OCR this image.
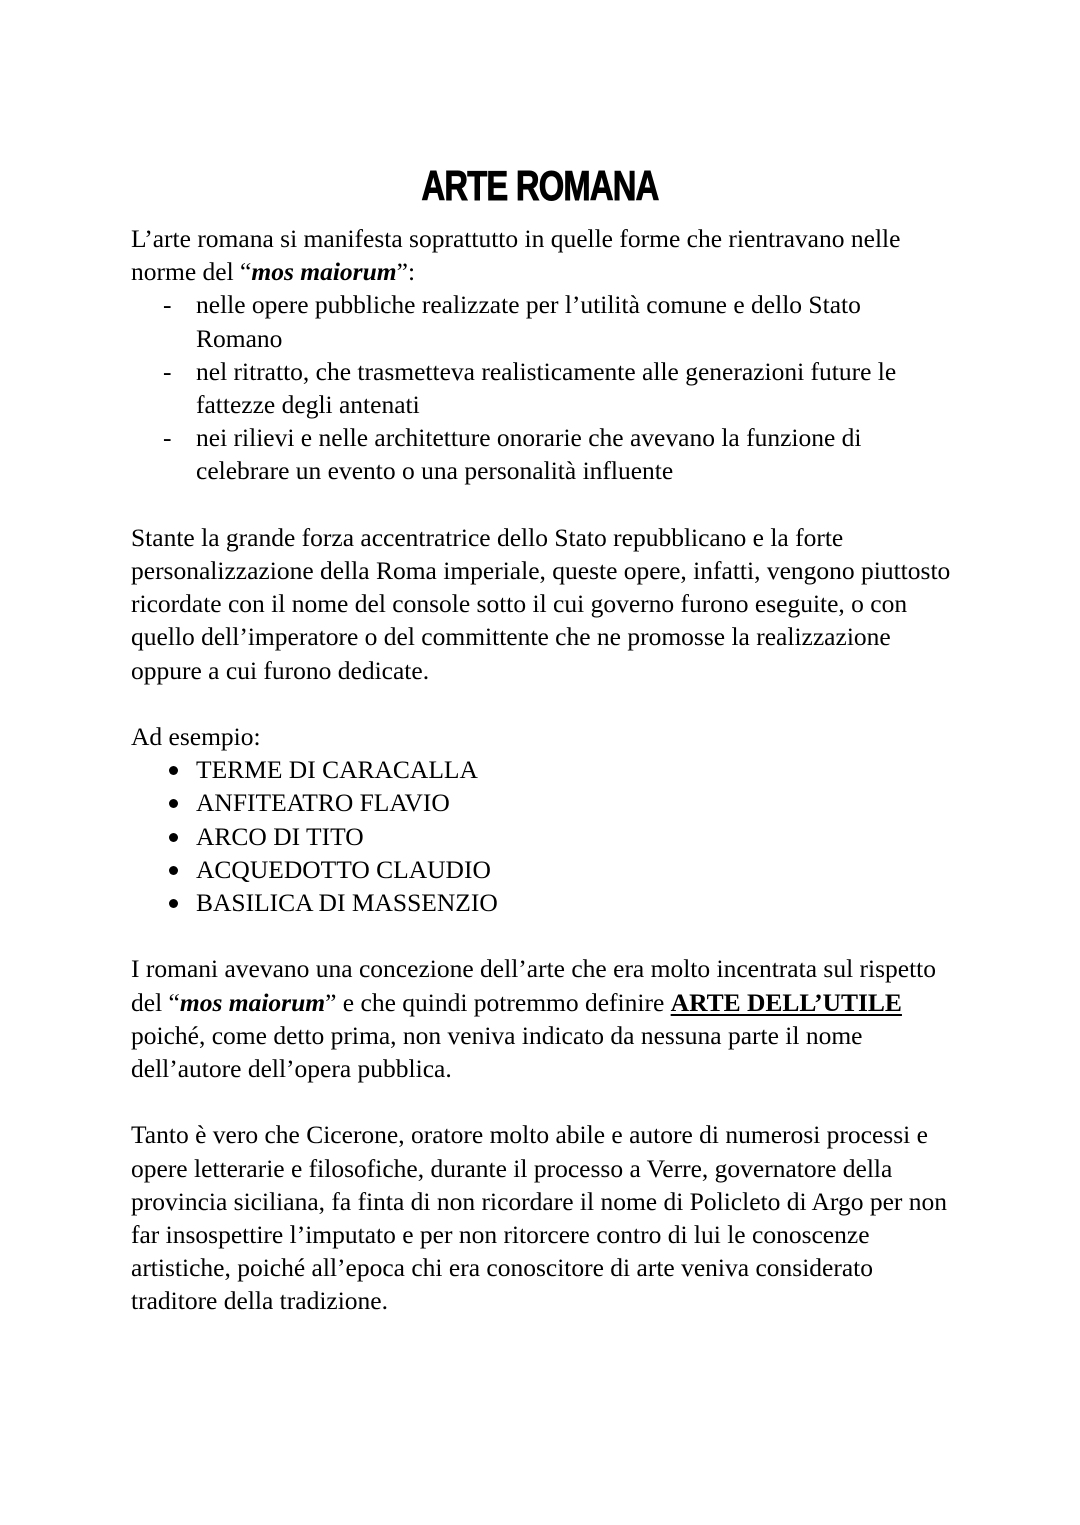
ARTE ROMANA

L’arte romana si manifesta soprattutto in quelle forme che rientravano nelle norme del “mos maiorum”:

- nelle opere pubbliche realizzate per l’utilità comune e dello Stato Romano
- nel ritratto, che trasmetteva realisticamente alle generazioni future le fattezze degli antenati
- nei rilievi e nelle architetture onorarie che avevano la funzione di celebrare un evento o una personalità influente

Stante la grande forza accentratrice dello Stato repubblicano e la forte personalizzazione della Roma imperiale, queste opere, infatti, vengono piuttosto ricordate con il nome del console sotto il cui governo furono eseguite, o con quello dell’imperatore o del committente che ne promosse la realizzazione oppure a cui furono dedicate.

Ad esempio:

TERME DI CARACALLA
ANFITEATRO FLAVIO
ARCO DI TITO
ACQUEDOTTO CLAUDIO
BASILICA DI MASSENZIO

I romani avevano una concezione dell’arte che era molto incentrata sul rispetto del “mos maiorum” e che quindi potremmo definire ARTE DELL’UTILE poiché, come detto prima, non veniva indicato da nessuna parte il nome dell’autore dell’opera pubblica.

Tanto è vero che Cicerone, oratore molto abile e autore di numerosi processi e opere letterarie e filosofiche, durante il processo a Verre, governatore della provincia siciliana, fa finta di non ricordare il nome di Policleto di Argo per non far insospettire l’imputato e per non ritorcere contro di lui le conoscenze artistiche, poiché all’epoca chi era conoscitore di arte veniva considerato traditore della tradizione.
